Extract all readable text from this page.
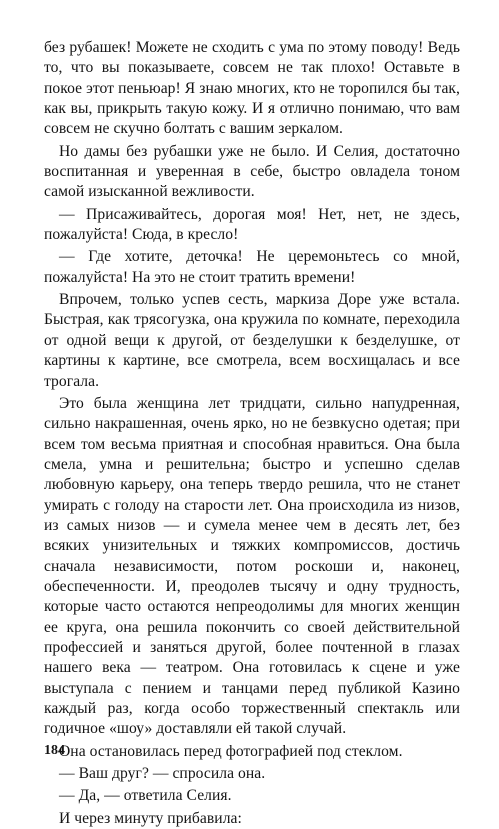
без рубашек! Можете не сходить с ума по этому поводу! Ведь то, что вы показываете, совсем не так плохо! Оставьте в покое этот пеньюар! Я знаю многих, кто не торопился бы так, как вы, прикрыть такую кожу. И я отлично понимаю, что вам совсем не скучно болтать с вашим зеркалом.

Но дамы без рубашки уже не было. И Селия, достаточно воспитанная и уверенная в себе, быстро овладела тоном самой изысканной вежливости.

— Присаживайтесь, дорогая моя! Нет, нет, не здесь, пожалуйста! Сюда, в кресло!

— Где хотите, деточка! Не церемоньтесь со мной, пожалуйста! На это не стоит тратить времени!

Впрочем, только успев сесть, маркиза Доре уже встала. Быстрая, как трясогузка, она кружила по комнате, переходила от одной вещи к другой, от безделушки к безделушке, от картины к картине, все смотрела, всем восхищалась и все трогала.

Это была женщина лет тридцати, сильно напудренная, сильно накрашенная, очень ярко, но не безвкусно одетая; при всем том весьма приятная и способная нравиться. Она была смела, умна и решительна; быстро и успешно сделав любовную карьеру, она теперь твердо решила, что не станет умирать с голоду на старости лет. Она происходила из низов, из самых низов — и сумела менее чем в десять лет, без всяких унизительных и тяжких компромиссов, достичь сначала независимости, потом роскоши и, наконец, обеспеченности. И, преодолев тысячу и одну трудность, которые часто остаются непреодолимы для многих женщин ее круга, она решила покончить со своей действительной профессией и заняться другой, более почтенной в глазах нашего века — театром. Она готовилась к сцене и уже выступала с пением и танцами перед публикой Казино каждый раз, когда особо торжественный спектакль или годичное «шоу» доставляли ей такой случай.

Она остановилась перед фотографией под стеклом.

— Ваш друг? — спросила она.

— Да, — ответила Селия.

И через минуту прибавила:

184
